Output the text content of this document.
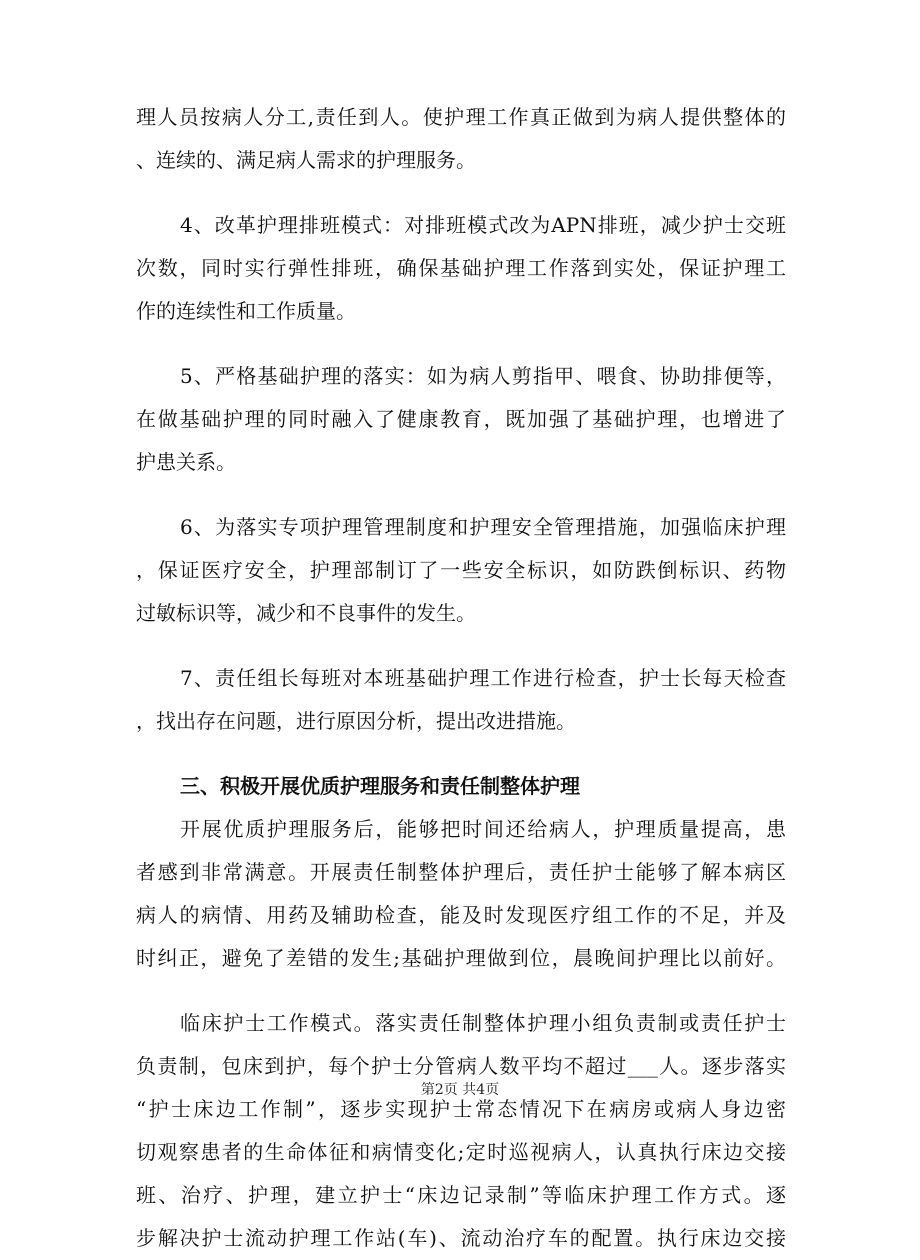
理人员按病人分工,责任到人。使护理工作真正做到为病人提供整体的
、连续的、满足病人需求的护理服务。
4、改革护理排班模式：对排班模式改为APN排班，减少护士交班
次数，同时实行弹性排班，确保基础护理工作落到实处，保证护理工
作的连续性和工作质量。
5、严格基础护理的落实：如为病人剪指甲、喂食、协助排便等，
在做基础护理的同时融入了健康教育，既加强了基础护理，也增进了
护患关系。
6、为落实专项护理管理制度和护理安全管理措施，加强临床护理
，保证医疗安全，护理部制订了一些安全标识，如防跌倒标识、药物
过敏标识等，减少和不良事件的发生。
7、责任组长每班对本班基础护理工作进行检查，护士长每天检查
，找出存在问题，进行原因分析，提出改进措施。
三、积极开展优质护理服务和责任制整体护理
开展优质护理服务后，能够把时间还给病人，护理质量提高，患
者感到非常满意。开展责任制整体护理后，责任护士能够了解本病区
病人的病情、用药及辅助检查，能及时发现医疗组工作的不足，并及
时纠正，避免了差错的发生;基础护理做到位，晨晚间护理比以前好。
临床护士工作模式。落实责任制整体护理小组负责制或责任护士
负责制，包床到护，每个护士分管病人数平均不超过___人。逐步落实
“护士床边工作制”，逐步实现护士常态情况下在病房或病人身边密
切观察患者的生命体征和病情变化;定时巡视病人，认真执行床边交接
班、治疗、护理，建立护士“床边记录制”等临床护理工作方式。逐
步解决护士流动护理工作站(车)、流动治疗车的配置。执行床边交接
第2页 共4页
